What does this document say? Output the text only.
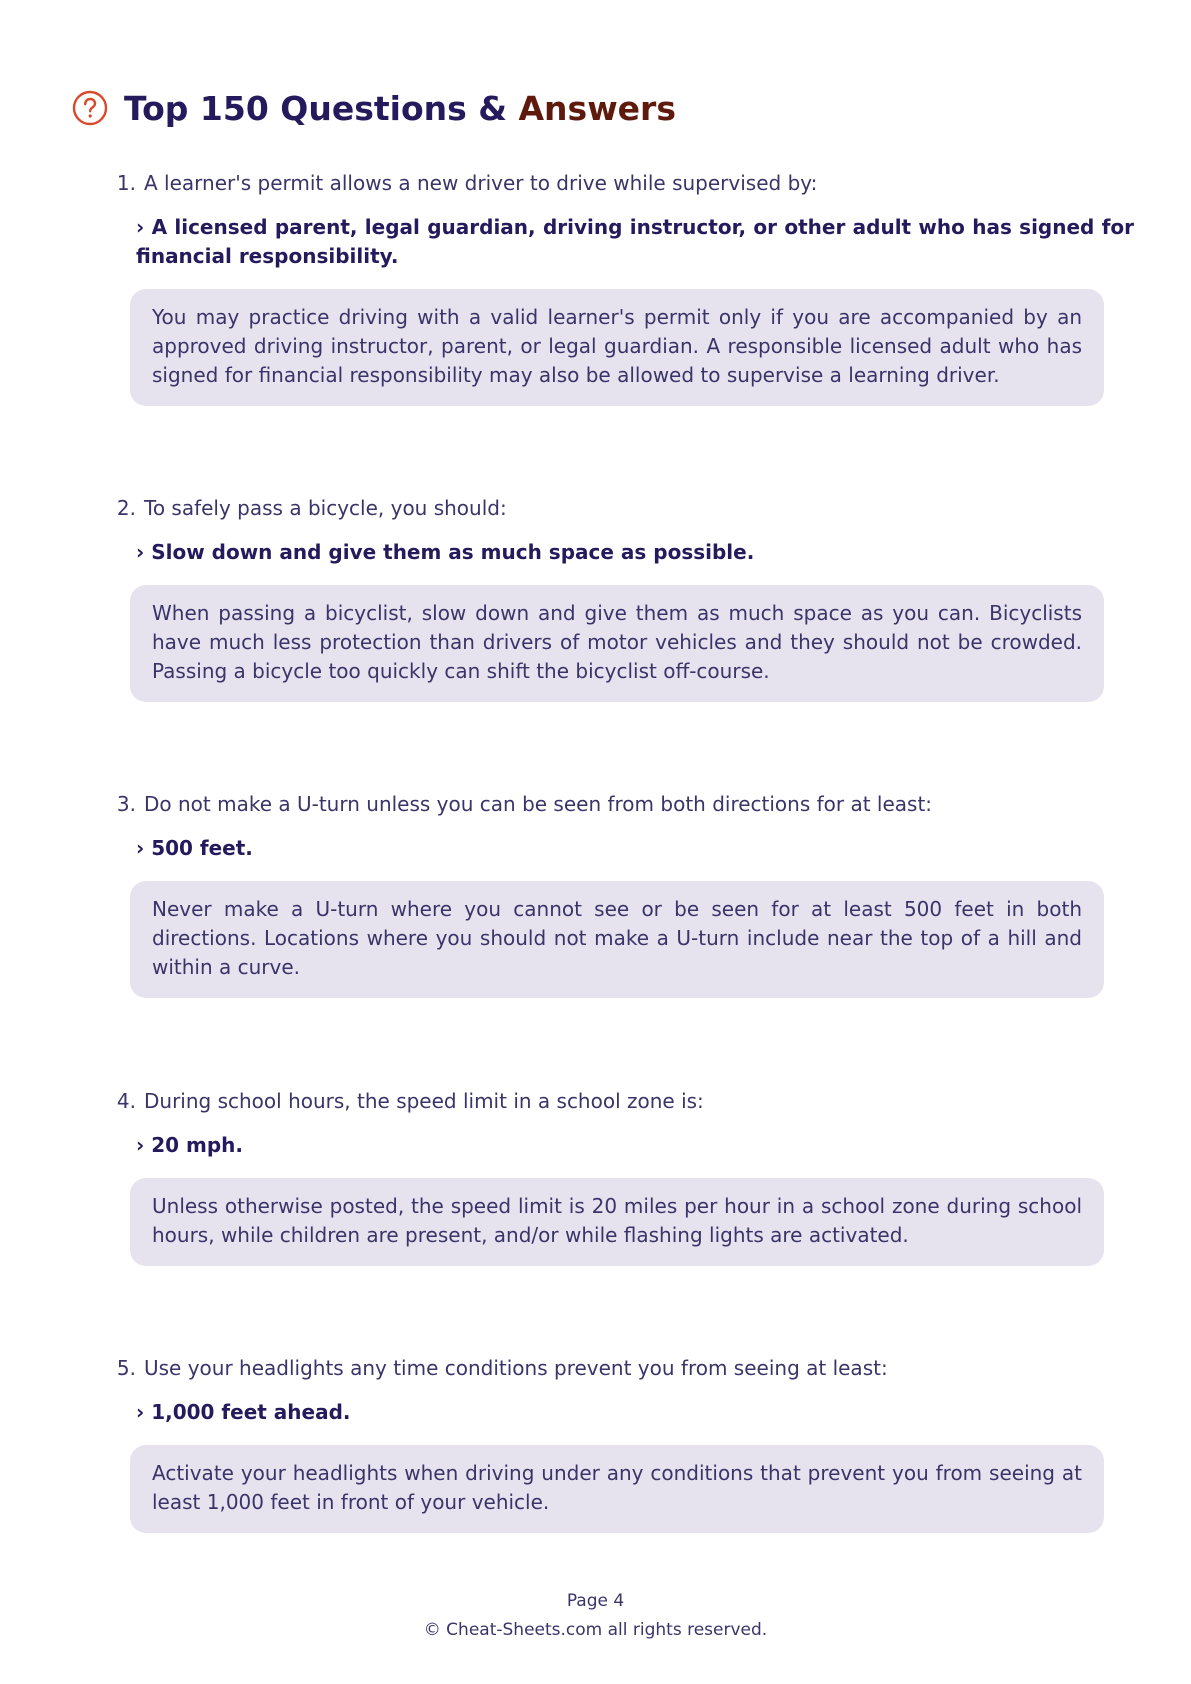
Top 150 Questions & Answers
1. A learner's permit allows a new driver to drive while supervised by:
› A licensed parent, legal guardian, driving instructor, or other adult who has signed for financial responsibility.
You may practice driving with a valid learner's permit only if you are accompanied by an approved driving instructor, parent, or legal guardian. A responsible licensed adult who has signed for financial responsibility may also be allowed to supervise a learning driver.
2. To safely pass a bicycle, you should:
› Slow down and give them as much space as possible.
When passing a bicyclist, slow down and give them as much space as you can. Bicyclists have much less protection than drivers of motor vehicles and they should not be crowded. Passing a bicycle too quickly can shift the bicyclist off-course.
3. Do not make a U-turn unless you can be seen from both directions for at least:
› 500 feet.
Never make a U-turn where you cannot see or be seen for at least 500 feet in both directions. Locations where you should not make a U-turn include near the top of a hill and within a curve.
4. During school hours, the speed limit in a school zone is:
› 20 mph.
Unless otherwise posted, the speed limit is 20 miles per hour in a school zone during school hours, while children are present, and/or while flashing lights are activated.
5. Use your headlights any time conditions prevent you from seeing at least:
› 1,000 feet ahead.
Activate your headlights when driving under any conditions that prevent you from seeing at least 1,000 feet in front of your vehicle.
Page 4
© Cheat-Sheets.com all rights reserved.
